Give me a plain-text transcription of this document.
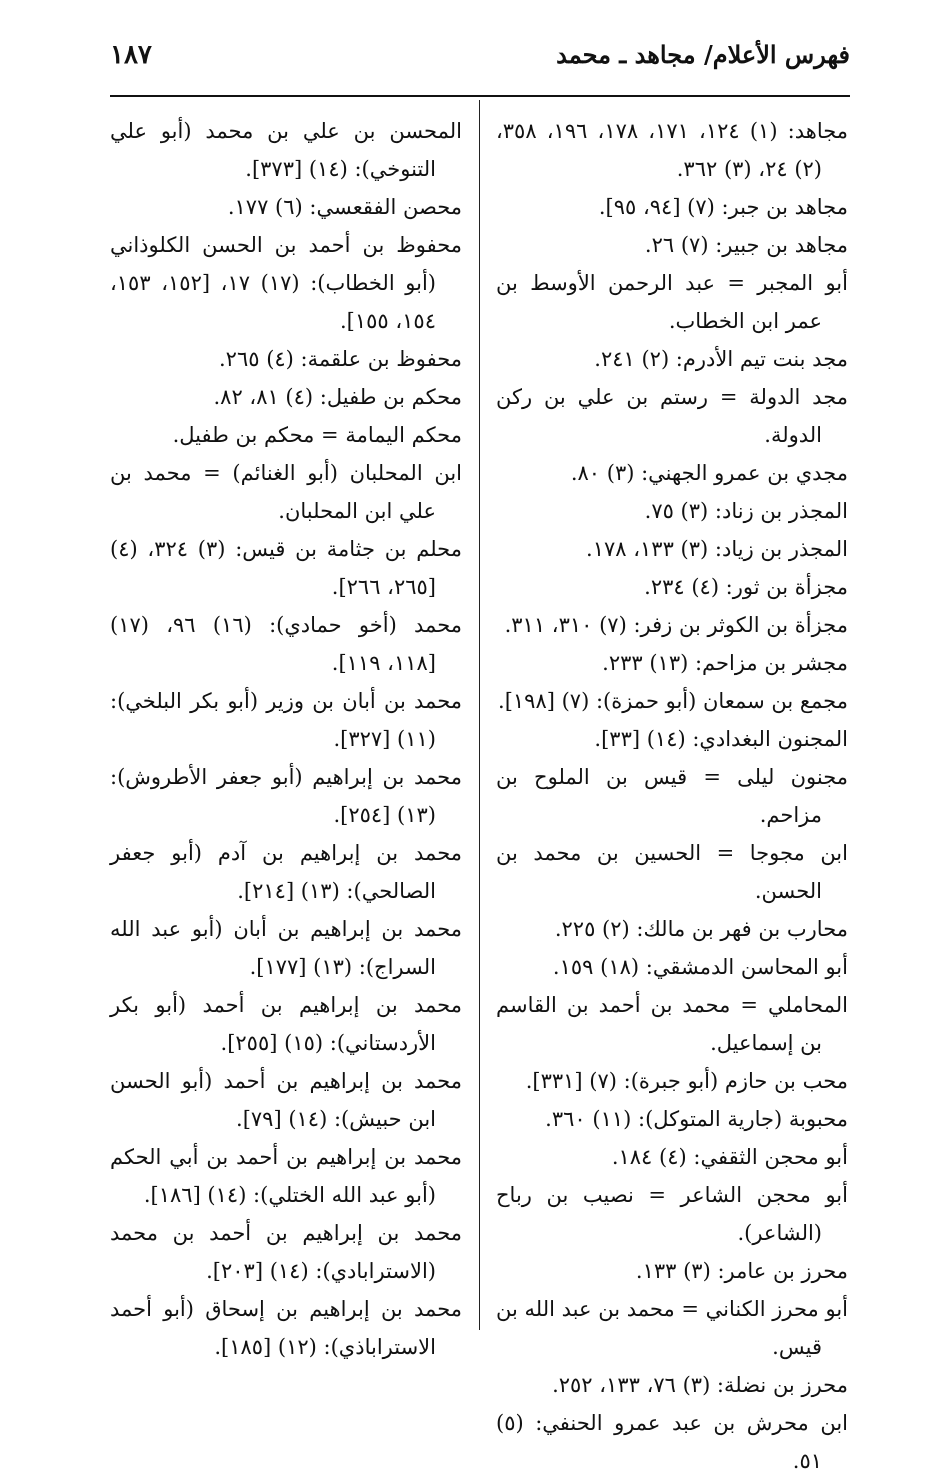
فهرس الأعلام/ مجاهد ـ محمد
١٨٧

مجاهد: (١) ١٢٤، ١٧١، ١٧٨، ١٩٦، ٣٥٨، (٢) ٢٤، (٣) ٣٦٢.

مجاهد بن جبر: (٧) [٩٤، ٩٥].

مجاهد بن جبير: (٧) ٢٦.

أبو المجبر = عبد الرحمن الأوسط بن عمر ابن الخطاب.

مجد بنت تيم الأدرم: (٢) ٢٤١.

مجد الدولة = رستم بن علي بن ركن الدولة.

مجدي بن عمرو الجهني: (٣) ٨٠.

المجذر بن زناد: (٣) ٧٥.

المجذر بن زياد: (٣) ١٣٣، ١٧٨.

مجزأة بن ثور: (٤) ٢٣٤.

مجزأة بن الكوثر بن زفر: (٧) ٣١٠، ٣١١.

مجشر بن مزاحم: (١٣) ٢٣٣.

مجمع بن سمعان (أبو حمزة): (٧) [١٩٨].

المجنون البغدادي: (١٤) [٣٣].

مجنون ليلى = قيس بن الملوح بن مزاحم.

ابن مجوجا = الحسين بن محمد بن الحسن.

محارب بن فهر بن مالك: (٢) ٢٢٥.

أبو المحاسن الدمشقي: (١٨) ١٥٩.

المحاملي = محمد بن أحمد بن القاسم بن إسماعيل.

محب بن حازم (أبو جبرة): (٧) [٣٣١].

محبوبة (جارية المتوكل): (١١) ٣٦٠.

أبو محجن الثقفي: (٤) ١٨٤.

أبو محجن الشاعر = نصيب بن رباح (الشاعر).

محرز بن عامر: (٣) ١٣٣.

أبو محرز الكناني = محمد بن عبد الله بن قيس.

محرز بن نضلة: (٣) ٧٦، ١٣٣، ٢٥٢.

ابن محرش بن عبد عمرو الحنفي: (٥) ٥١.

المحسن بن علي بن محمد (أبو علي التنوخي): (١٤) [٣٧٣].

محصن الفقعسي: (٦) ١٧٧.

محفوظ بن أحمد بن الحسن الكلوذاني (أبو الخطاب): (١٧) ١٧، [١٥٢، ١٥٣، ١٥٤، ١٥٥].

محفوظ بن علقمة: (٤) ٢٦٥.

محكم بن طفيل: (٤) ٨١، ٨٢.

محكم اليمامة = محكم بن طفيل.

ابن المحلبان (أبو الغنائم) = محمد بن علي ابن المحلبان.

محلم بن جثامة بن قيس: (٣) ٣٢٤، (٤) [٢٦٥، ٢٦٦].

محمد (أخو حمادي): (١٦) ٩٦، (١٧) [١١٨، ١١٩].

محمد بن أبان بن وزير (أبو بكر البلخي): (١١) [٣٢٧].

محمد بن إبراهيم (أبو جعفر الأطروش): (١٣) [٢٥٤].

محمد بن إبراهيم بن آدم (أبو جعفر الصالحي): (١٣) [٢١٤].

محمد بن إبراهيم بن أبان (أبو عبد الله السراج): (١٣) [١٧٧].

محمد بن إبراهيم بن أحمد (أبو بكر الأردستاني): (١٥) [٢٥٥].

محمد بن إبراهيم بن أحمد (أبو الحسن ابن حبيش): (١٤) [٧٩].

محمد بن إبراهيم بن أحمد بن أبي الحكم (أبو عبد الله الختلي): (١٤) [١٨٦].

محمد بن إبراهيم بن أحمد بن محمد (الاسترابادي): (١٤) [٢٠٣].

محمد بن إبراهيم بن إسحاق (أبو أحمد الاستراباذي): (١٢) [١٨٥].
